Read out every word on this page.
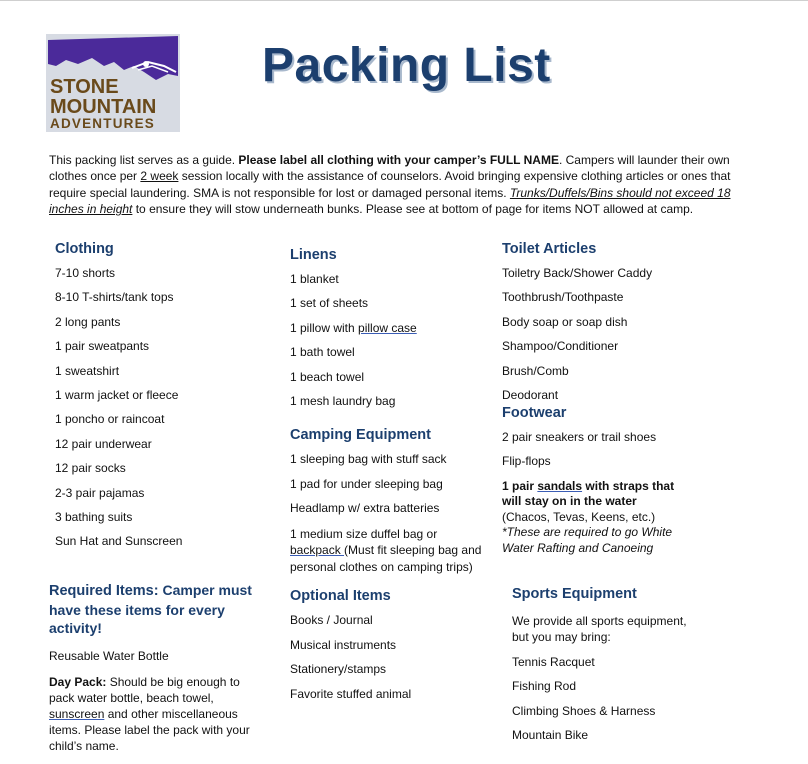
STONE
MOUNTAIN
ADVENTURES
Packing List

This packing list serves as a guide. Please label all clothing with your camper’s FULL NAME. Campers will launder their own clothes once per 2 week session locally with the assistance of counselors. Avoid bringing expensive clothing articles or ones that require special laundering. SMA is not responsible for lost or damaged personal items. Trunks/Duffels/Bins should not exceed 18 inches in height to ensure they will stow underneath bunks. Please see at bottom of page for items NOT allowed at camp.

Clothing
7-10 shorts
8-10 T-shirts/tank tops
2 long pants
1 pair sweatpants
1 sweatshirt
1 warm jacket or fleece
1 poncho or raincoat
12 pair underwear
12 pair socks
2-3 pair pajamas
3 bathing suits
Sun Hat and Sunscreen
Required Items: Camper must have these items for every activity!

Reusable Water Bottle

Day Pack: Should be big enough to pack water bottle, beach towel, sunscreen and other miscellaneous items. Please label the pack with your child’s name.

Linens
1 blanket
1 set of sheets
1 pillow with pillow case
1 bath towel
1 beach towel
1 mesh laundry bag
Camping Equipment
1 sleeping bag with stuff sack
1 pad for under sleeping bag
Headlamp w/ extra batteries
1 medium size duffel bag or backpack (Must fit sleeping bag and personal clothes on camping trips)
Optional Items
Books / Journal
Musical instruments
Stationery/stamps
Favorite stuffed animal
Toilet Articles
Toiletry Back/Shower Caddy
Toothbrush/Toothpaste
Body soap or soap dish
Shampoo/Conditioner
Brush/Comb
Deodorant
Footwear
2 pair sneakers or trail shoes
Flip-flops
1 pair sandals with straps that will stay on in the water
(Chacos, Tevas, Keens, etc.)
*These are required to go White Water Rafting and Canoeing
Sports Equipment

We provide all sports equipment, but you may bring:

Tennis Racquet
Fishing Rod
Climbing Shoes & Harness
Mountain Bike
